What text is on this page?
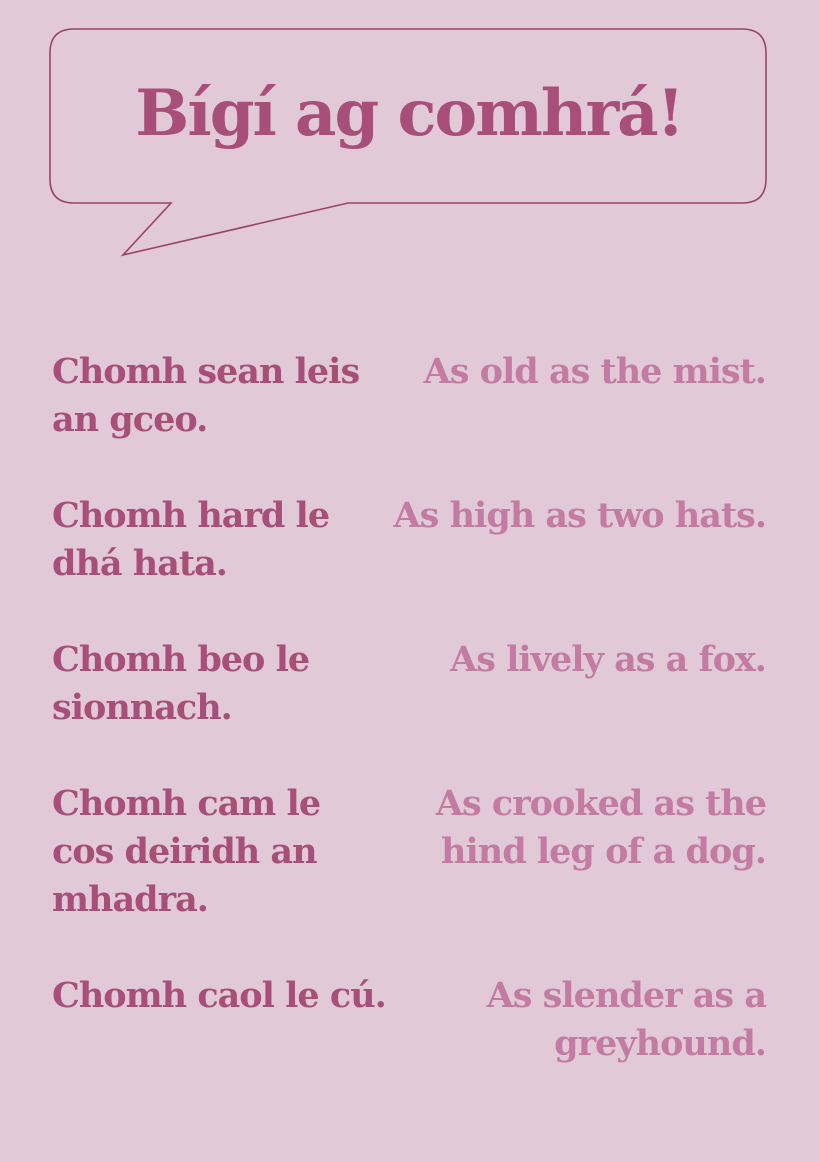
Bígí ag comhrá!
Chomh sean leis an gceo.
As old as the mist.
Chomh hard le dhá hata.
As high as two hats.
Chomh beo le sionnach.
As lively as a fox.
Chomh cam le cos deiridh an mhadra.
As crooked as the hind leg of a dog.
Chomh caol le cú.	As slender as a greyhound.
